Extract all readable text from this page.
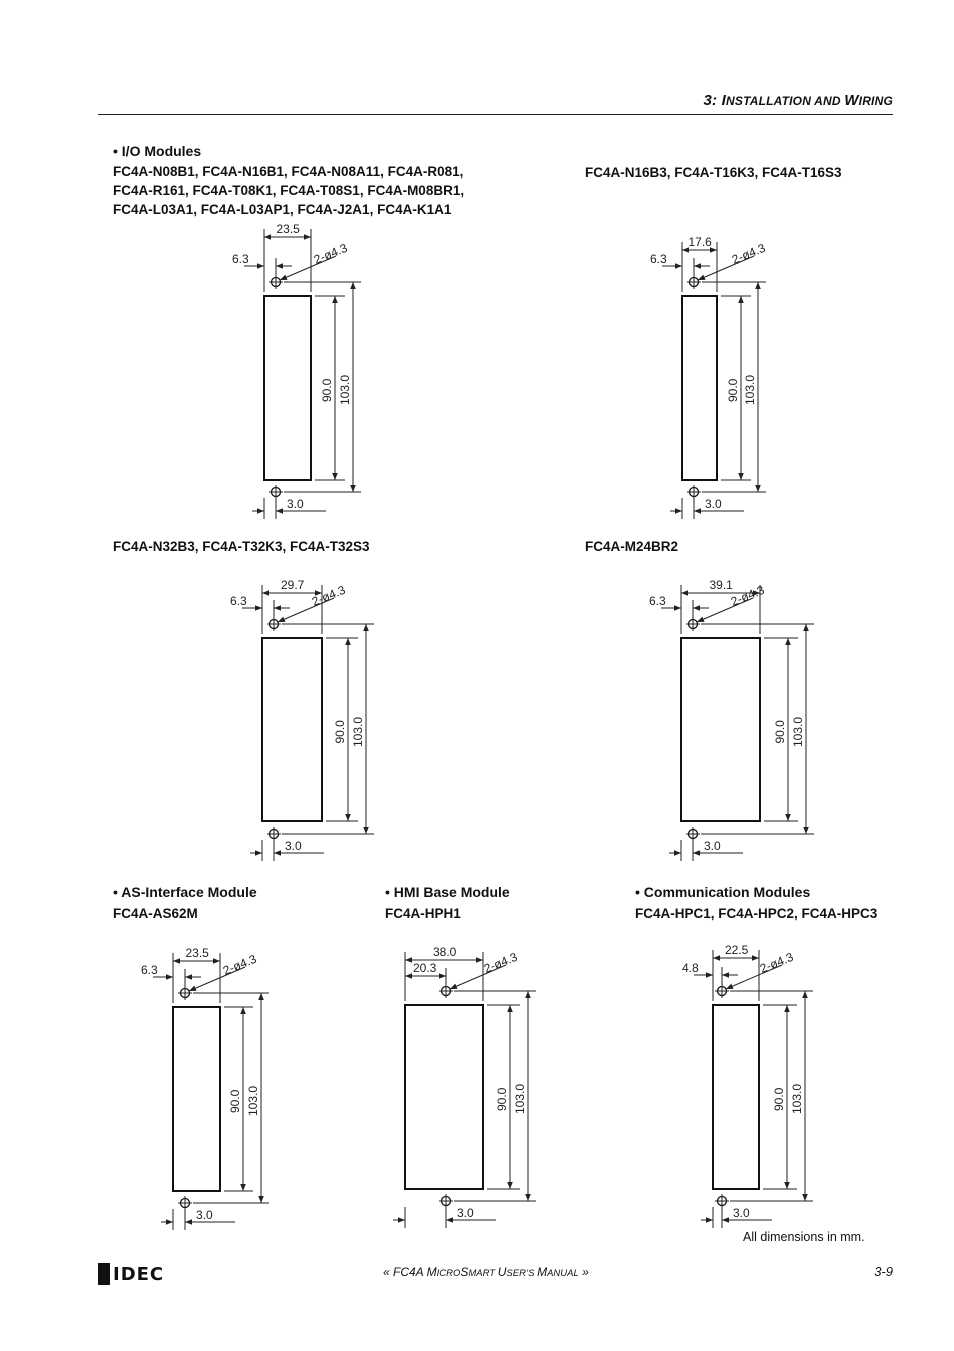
3: INSTALLATION AND WIRING
• I/O Modules
FC4A-N08B1, FC4A-N16B1, FC4A-N08A11, FC4A-R081,
FC4A-R161, FC4A-T08K1, FC4A-T08S1, FC4A-M08BR1,
FC4A-L03A1, FC4A-L03AP1, FC4A-J2A1, FC4A-K1A1
FC4A-N16B3, FC4A-T16K3, FC4A-T16S3
FC4A-N32B3, FC4A-T32K3, FC4A-T32S3	FC4A-M24BR2
• AS-Interface Module
FC4A-AS62M
• HMI Base Module
FC4A-HPH1
• Communication Modules
FC4A-HPC1, FC4A-HPC2, FC4A-HPC3
23.5
6.3	2-ø4.3
90.0 103.0
3.0
17.6
6.3	2-ø4.3
90.0 103.0
3.0
29.7
6.3	2-ø4.3
90.0 103.0
3.0
39.1
6.3	2-ø4.3
90.0 103.0
3.0
23.5
6.3	2-ø4.3
90.0 103.0
3.0
38.0
20.3	2-ø4.3
90.0 103.0
3.0
22.5
4.8	2-ø4.3
90.0 103.0
3.0
All dimensions in mm.
IDEC	« FC4A MICROSMART USER’S MANUAL »	3-9
